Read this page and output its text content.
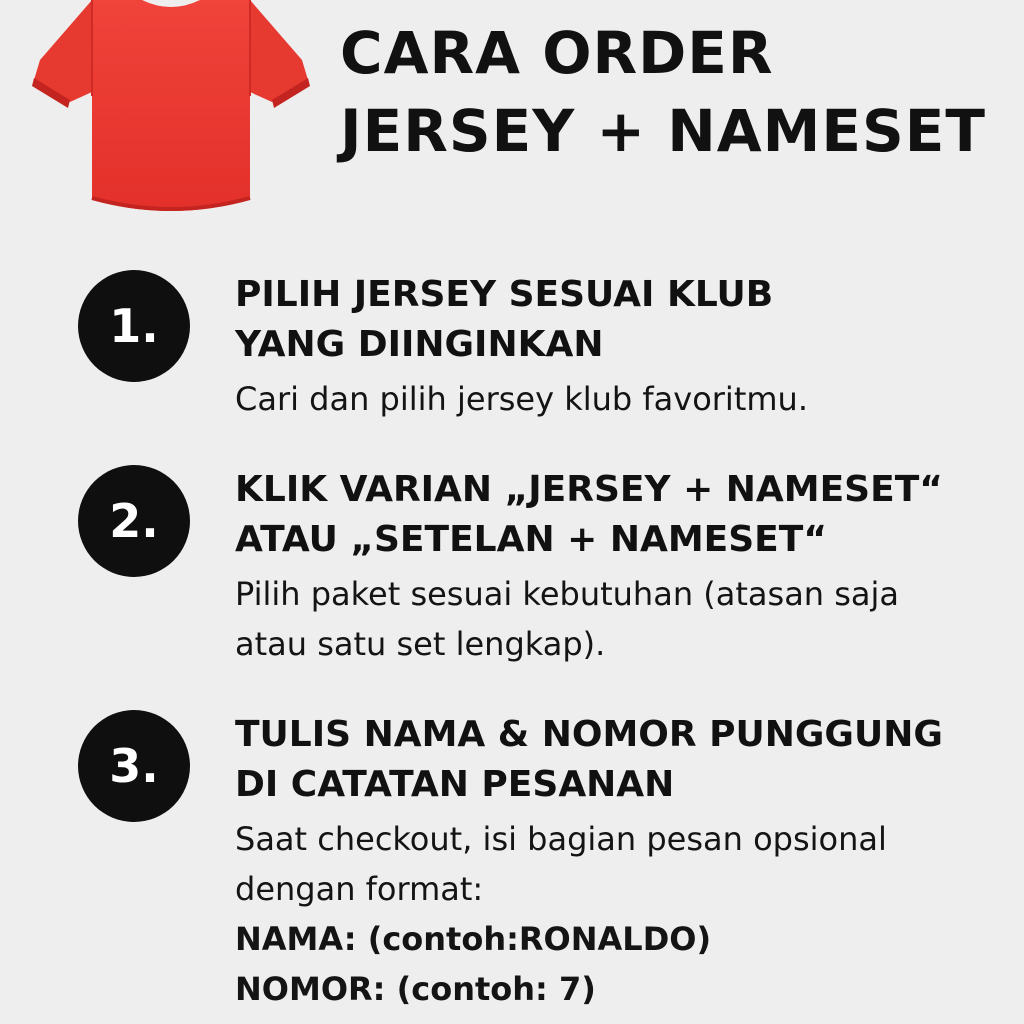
CARA ORDER
JERSEY + NAMESET
1.
PILIH JERSEY SESUAI KLUB
YANG DIINGINKAN

Cari dan pilih jersey klub favoritmu.

2.
KLIK VARIAN „JERSEY + NAMESET“
ATAU „SETELAN + NAMESET“

Pilih paket sesuai kebutuhan (atasan saja
atau satu set lengkap).

3.
TULIS NAMA & NOMOR PUNGGUNG
DI CATATAN PESANAN

Saat checkout, isi bagian pesan opsional
dengan format:
NAMA: (contoh:RONALDO)
NOMOR: (contoh: 7)
